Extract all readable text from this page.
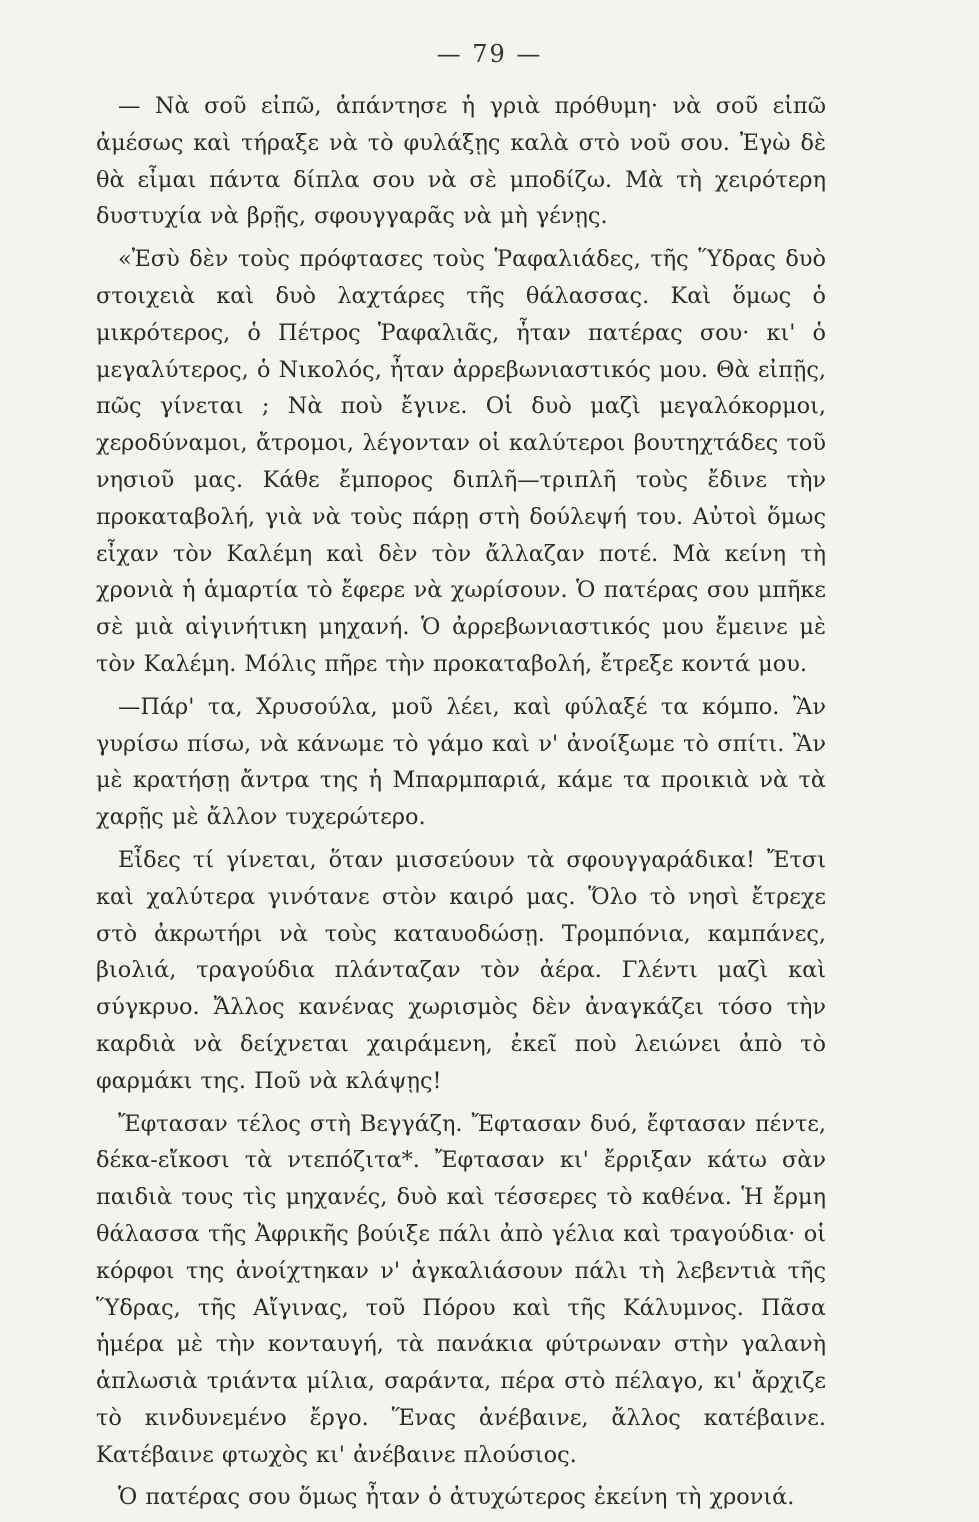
— 79 —

— Νὰ σοῦ εἰπῶ, ἀπάντησε ἡ γριὰ πρόθυμη· νὰ σοῦ εἰπῶ ἀμέσως καὶ τήραξε νὰ τὸ φυλάξῃς καλὰ στὸ νοῦ σου. Ἐγὼ δὲ θὰ εἶμαι πάντα δίπλα σου νὰ σὲ μποδίζω. Μὰ τὴ χειρότερη δυστυχία νὰ βρῇς, σφουγγαρᾶς νὰ μὴ γένῃς.

«Ἐσὺ δὲν τοὺς πρόφτασες τοὺς Ῥαφαλιάδες, τῆς Ὕδρας δυὸ στοιχειὰ καὶ δυὸ λαχτάρες τῆς θάλασσας. Καὶ ὅμως ὁ μικρότερος, ὁ Πέτρος Ῥαφαλιᾶς, ἦταν πατέρας σου· κι' ὁ μεγαλύτερος, ὁ Νικολός, ἦταν ἀρρεβωνιαστικός μου. Θὰ εἰπῇς, πῶς γίνεται ; Νὰ ποὺ ἔγινε. Οἱ δυὸ μαζὶ μεγαλόκορμοι, χεροδύναμοι, ἄτρομοι, λέγονταν οἱ καλύτεροι βουτηχτάδες τοῦ νησιοῦ μας. Κάθε ἔμπορος διπλῆ—τριπλῆ τοὺς ἔδινε τὴν προκαταβολή, γιὰ νὰ τοὺς πάρῃ στὴ δούλεψή του. Αὐτοὶ ὅμως εἶχαν τὸν Καλέμη καὶ δὲν τὸν ἄλλαζαν ποτέ. Μὰ κείνη τὴ χρονιὰ ἡ ἁμαρτία τὸ ἔφερε νὰ χωρίσουν. Ὁ πατέρας σου μπῆκε σὲ μιὰ αἰγινήτικη μηχανή. Ὁ ἀρρεβωνιαστικός μου ἔμεινε μὲ τὸν Καλέμη. Μόλις πῆρε τὴν προκαταβολή, ἔτρεξε κοντά μου.

—Πάρ' τα, Χρυσούλα, μοῦ λέει, καὶ φύλαξέ τα κόμπο. Ἂν γυρίσω πίσω, νὰ κάνωμε τὸ γάμο καὶ ν' ἀνοίξωμε τὸ σπίτι. Ἂν μὲ κρατήσῃ ἄντρα της ἡ Μπαρμπαριά, κάμε τα προικιὰ νὰ τὰ χαρῇς μὲ ἄλλον τυχερώτερο.

Εἶδες τί γίνεται, ὅταν μισσεύουν τὰ σφουγγαράδικα! Ἔτσι καὶ χαλύτερα γινότανε στὸν καιρό μας. Ὅλο τὸ νησὶ ἔτρεχε στὸ ἀκρωτήρι νὰ τοὺς καταυοδώσῃ. Τρομπόνια, καμπάνες, βιολιά, τραγούδια πλάνταζαν τὸν ἀέρα. Γλέντι μαζὶ καὶ σύγκρυο. Ἄλλος κανένας χωρισμὸς δὲν ἀναγκάζει τόσο τὴν καρδιὰ νὰ δείχνεται χαιράμενη, ἐκεῖ ποὺ λειώνει ἀπὸ τὸ φαρμάκι της. Ποῦ νὰ κλάψῃς!

Ἔφτασαν τέλος στὴ Βεγγάζη. Ἔφτασαν δυό, ἔφτασαν πέντε, δέκα-εἴκοσι τὰ ντεπόζιτα*. Ἔφτασαν κι' ἔρριξαν κάτω σὰν παιδιὰ τους τὶς μηχανές, δυὸ καὶ τέσσερες τὸ καθένα. Ἡ ἔρμη θάλασσα τῆς Ἀφρικῆς βούιξε πάλι ἀπὸ γέλια καὶ τραγούδια· οἱ κόρφοι της ἀνοίχτηκαν ν' ἀγκαλιάσουν πάλι τὴ λεβεντιὰ τῆς Ὕδρας, τῆς Αἴγινας, τοῦ Πόρου καὶ τῆς Κάλυμνος. Πᾶσα ἡμέρα μὲ τὴν κονταυγή, τὰ πανάκια φύτρωναν στὴν γαλανὴ ἁπλωσιὰ τριάντα μίλια, σαράντα, πέρα στὸ πέλαγο, κι' ἄρχιζε τὸ κινδυνεμένο ἔργο. Ἕνας ἀνέβαινε, ἄλλος κατέβαινε. Κατέβαινε φτωχὸς κι' ἀνέβαινε πλούσιος.

Ὁ πατέρας σου ὅμως ἦταν ὁ ἀτυχώτερος ἐκείνη τὴ χρονιά.
